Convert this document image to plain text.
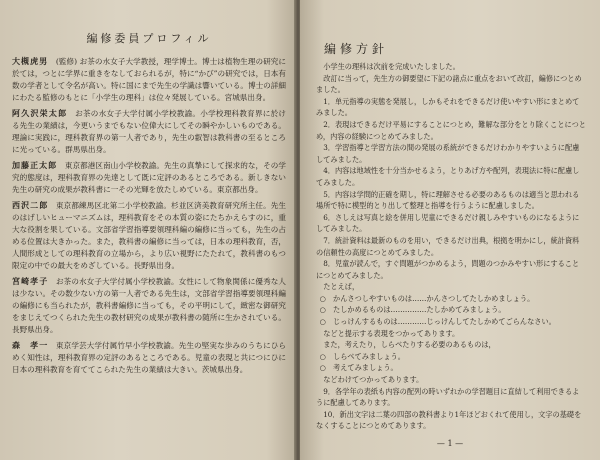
編修委員プロフィル

大槻虎男　 (監修) お茶の水女子大学教授，理学博士。博士は植物生理の研究に於ては，つとに学界に重きをなしておられるが，特に“かび”の研究では，日本有数の学者として令名が高い。特に国にまで先生の学識は響いている。博士の詳細にわたる監修のもとに「小学生の理科」は位々発展している。宮城県出身。

阿久沢栄太郎　 お茶の水女子大学付属小学校教諭。小学校理科教育界に於ける先生の業績は，今更いうまでもない位偉大にしてその瞬やかしいものである。理論に実践に，理科教育界の第一人者であり，先生の叡智は教科書の至るところに光っている。群馬県出身。

加藤正太郎　 東京都港区南山小学校教諭。先生の真摯にして探求的な，その学究的態度は，理科教育界の先達として既に定評のあるところである。新しきない先生の研究の成果が教科書に一その光輝を放たしめている。東京都出身。

西沢二郎　 東京都練馬区北第二小学校教諭。杉並区済美教育研究所主任。先生のはげしいヒューマニズムは，理科教育をその本質の姿にたちかえらすのに，重大な役割を果している。文部省学習指導要領理科編の編修に当っても，先生の占める位置は大きかった。また，教科書の編修に当っては，日本の理科教育，否，人間形成としての理科教育の立場から，より広い視野にたたれて，教科書のもつ限定の中での最大をめざしている。長野県出身。

宮崎孝子　 お茶の水女子大学付属小学校教諭。女性にして物象関係に優秀な人は少ない。その数少ない方の第一人者である先生は，文部省学習指導要領理科編の編修にも当られたが，教科書編修に当っても，その平明にして，緻密な御研究をまじえてつくられた先生の教材研究の成果が教科書の随所に生かされている。長野県出身。

森　孝一　 東京学芸大学付属竹早小学校教諭。先生の堅実な歩みのうちにひらめく知性は，理科教育界の定評のあるところである。児童の表現と共につにひに日本の理科教育を育ててこられた先生の業績は大きい。茨城県出身。

編修方針

小学生の理科は次前を完成いたしました。

改訂に当って，先生方の御要望に下記の諸点に重点をおいて改訂，編修につとめました。

1．单元指導の実態を発展し，しかもそれをできるだけ使いやすい形にまとめてみました。

2．表現はできるだけ平易にすることにつとめ，難解な部分をとり除くことにつとめ，内容の経験につとめてみました。

3．学習指導と学習方法の間の発展の系統ができるだけわかりやすいように配慮してみました。

4．内容は地域性を十分当かせるよう，とりあげ方や配列，表現法に特に配慮してみました。

5．内容は学問的正確を期し，特に理解させる必要のあるものは適当と思われる場所で特に模型的とり出して整理と指導を行うように配慮しました。

6．さしえは写真と絵を併用し児童にできるだけ親しみやすいものになるようにしてみました。

7．統計資料は最新のものを用い，できるだけ出典，根拠を明かにし，統計資料の信頼性の高度につとめてみました。

8．児童が読んで，すぐ問題がつかめるよう，問題のつかみやすい形にすることにつとめてみました。

たとえば，

○　かんさつしやすいものは……かんさつしてたしかめましょう。

○　たしかめるものは……………たしかめてみましょう。

○　じっけんするものは…………じっけんしてたしかめてごらんなさい。

などと提示する表現をつかってあります。

また，考えたり，しらべたりする必要のあるものは，

○　しらべてみましょう。

○　考えてみましょう。

などわけてつかってあります。

9．各学年の表紙も内容の配列の時いずれかの学習題目に直結して利用できるように配慮してあります。

10．新出文字は二葉の四部の教科書より1年ほどおくれて使用し，文字の基礎をなくすることにつとめてあります。

— 1 —
